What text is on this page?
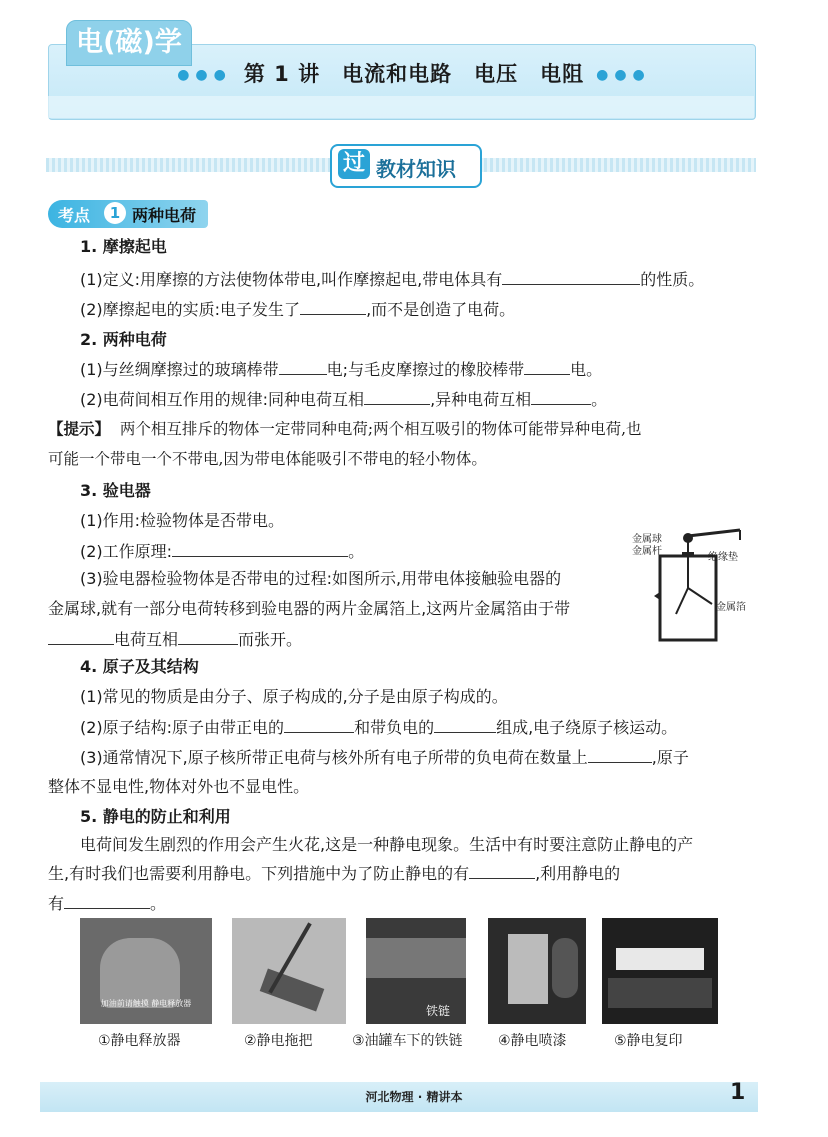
电(磁)学
●●● 第 1 讲　电流和电路　电压　电阻 ●●●
过 教材知识
考点	1 两种电荷
1. 摩擦起电
(1)定义:用摩擦的方法使物体带电,叫作摩擦起电,带电体具有	的性质。
(2)摩擦起电的实质:电子发生了	,而不是创造了电荷。
2. 两种电荷
(1)与丝绸摩擦过的玻璃棒带	电;与毛皮摩擦过的橡胶棒带	电。
(2)电荷间相互作用的规律:同种电荷互相	,异种电荷互相	。
【提示】 两个相互排斥的物体一定带同种电荷;两个相互吸引的物体可能带异种电荷,也
可能一个带电一个不带电,因为带电体能吸引不带电的轻小物体。
3. 验电器
(1)作用:检验物体是否带电。
(2)工作原理:	。
(3)验电器检验物体是否带电的过程:如图所示,用带电体接触验电器的
金属球,就有一部分电荷转移到验电器的两片金属箔上,这两片金属箔由于带
电荷互相	而张开。
金属球
金属杆
绝缘垫
金属箔
4. 原子及其结构
(1)常见的物质是由分子、原子构成的,分子是由原子构成的。
(2)原子结构:原子由带正电的	和带负电的	组成,电子绕原子核运动。
(3)通常情况下,原子核所带正电荷与核外所有电子所带的负电荷在数量上	,原子
整体不显电性,物体对外也不显电性。
5. 静电的防止和利用
电荷间发生剧烈的作用会产生火花,这是一种静电现象。生活中有时要注意防止静电的产
生,有时我们也需要利用静电。下列措施中为了防止静电的有	,利用静电的
有	。
加油前请触摸 静电释放器
铁链
①静电释放器	②静电拖把	③油罐车下的铁链	④静电喷漆	⑤静电复印
河北物理 · 精讲本	1
